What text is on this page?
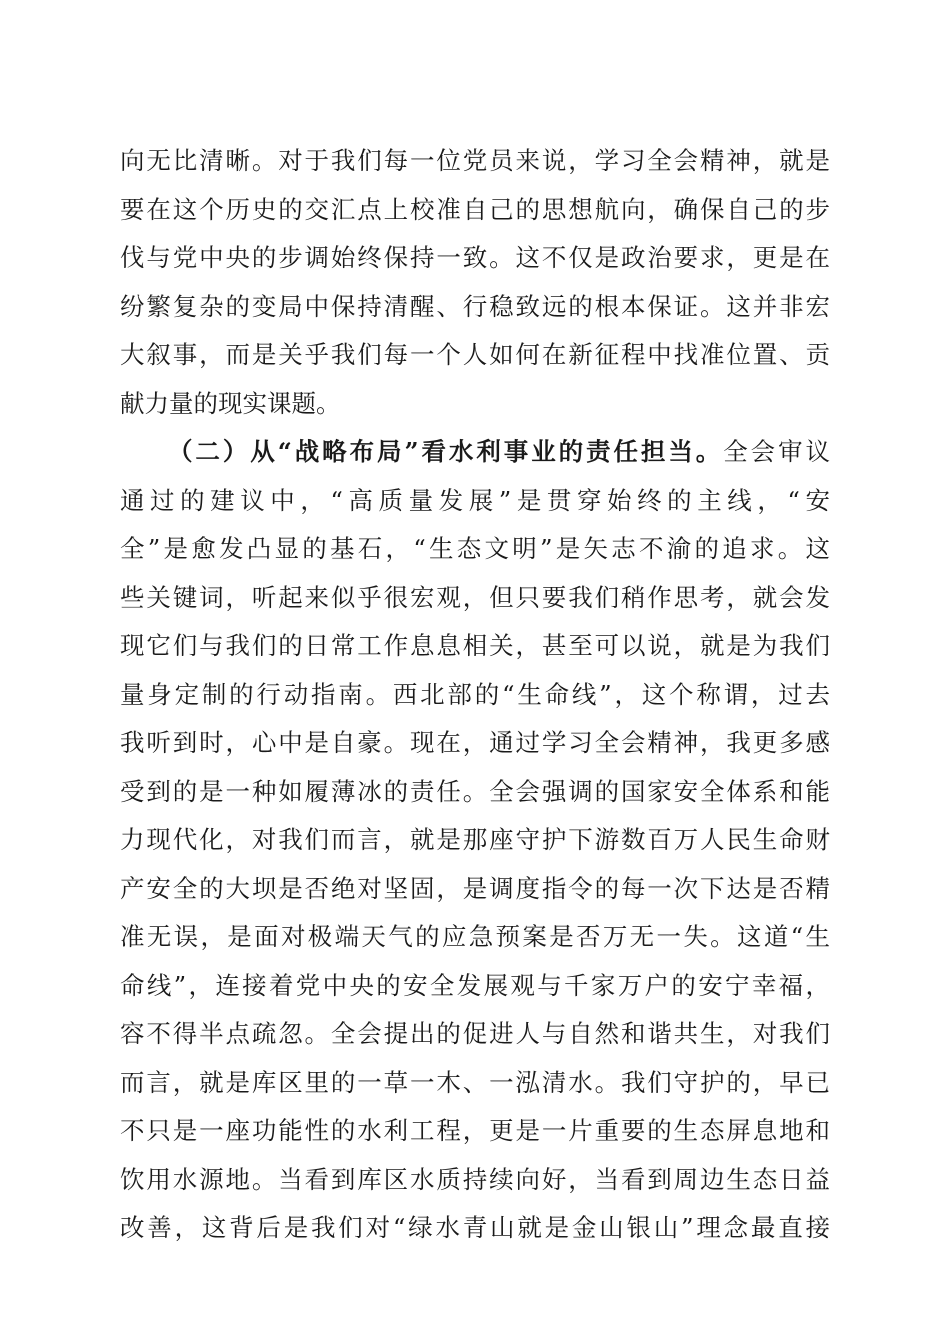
向无比清晰。对于我们每一位党员来说，学习全会精神，就是
要在这个历史的交汇点上校准自己的思想航向，确保自己的步
伐与党中央的步调始终保持一致。这不仅是政治要求，更是在
纷繁复杂的变局中保持清醒、行稳致远的根本保证。这并非宏
大叙事，而是关乎我们每一个人如何在新征程中找准位置、贡
献力量的现实课题。
（二）从“战略布局”看水利事业的责任担当。全会审议
通过的建议中，“高质量发展”是贯穿始终的主线，“安
全”是愈发凸显的基石，“生态文明”是矢志不渝的追求。这
些关键词，听起来似乎很宏观，但只要我们稍作思考，就会发
现它们与我们的日常工作息息相关，甚至可以说，就是为我们
量身定制的行动指南。西北部的“生命线”，这个称谓，过去
我听到时，心中是自豪。现在，通过学习全会精神，我更多感
受到的是一种如履薄冰的责任。全会强调的国家安全体系和能
力现代化，对我们而言，就是那座守护下游数百万人民生命财
产安全的大坝是否绝对坚固，是调度指令的每一次下达是否精
准无误，是面对极端天气的应急预案是否万无一失。这道“生
命线”，连接着党中央的安全发展观与千家万户的安宁幸福，
容不得半点疏忽。全会提出的促进人与自然和谐共生，对我们
而言，就是库区里的一草一木、一泓清水。我们守护的，早已
不只是一座功能性的水利工程，更是一片重要的生态屏息地和
饮用水源地。当看到库区水质持续向好，当看到周边生态日益
改善，这背后是我们对“绿水青山就是金山银山”理念最直接
